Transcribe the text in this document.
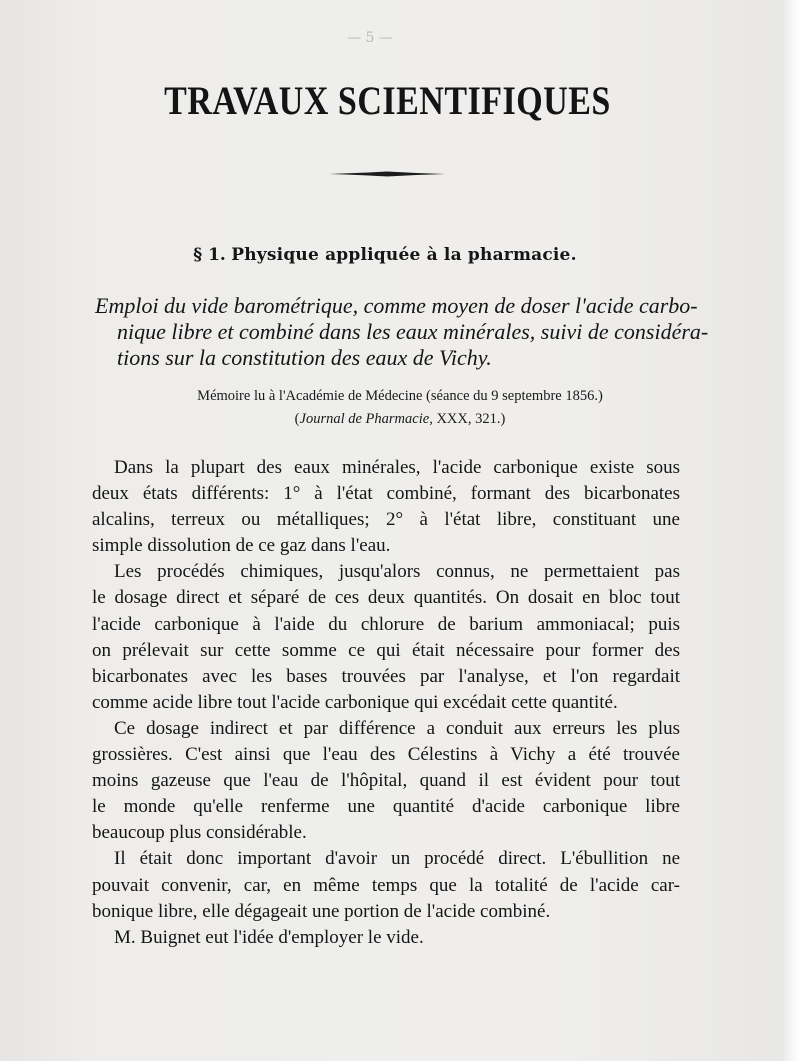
— 5 —
TRAVAUX SCIENTIFIQUES
§ 1. Physique appliquée à la pharmacie.
Emploi du vide barométrique, comme moyen de doser l'acide carbo-
nique libre et combiné dans les eaux minérales, suivi de considéra-
tions sur la constitution des eaux de Vichy.
Mémoire lu à l'Académie de Médecine (séance du 9 septembre 1856.)
(Journal de Pharmacie, XXX, 321.)
Dans la plupart des eaux minérales, l'acide carbonique existe sous
deux états différents: 1° à l'état combiné, formant des bicarbonates
alcalins, terreux ou métalliques; 2° à l'état libre, constituant une
simple dissolution de ce gaz dans l'eau.
Les procédés chimiques, jusqu'alors connus, ne permettaient pas
le dosage direct et séparé de ces deux quantités. On dosait en bloc tout
l'acide carbonique à l'aide du chlorure de barium ammoniacal; puis
on prélevait sur cette somme ce qui était nécessaire pour former des
bicarbonates avec les bases trouvées par l'analyse, et l'on regardait
comme acide libre tout l'acide carbonique qui excédait cette quantité.
Ce dosage indirect et par différence a conduit aux erreurs les plus
grossières. C'est ainsi que l'eau des Célestins à Vichy a été trouvée
moins gazeuse que l'eau de l'hôpital, quand il est évident pour tout
le monde qu'elle renferme une quantité d'acide carbonique libre
beaucoup plus considérable.
Il était donc important d'avoir un procédé direct. L'ébullition ne
pouvait convenir, car, en même temps que la totalité de l'acide car-
bonique libre, elle dégageait une portion de l'acide combiné.
M. Buignet eut l'idée d'employer le vide.
